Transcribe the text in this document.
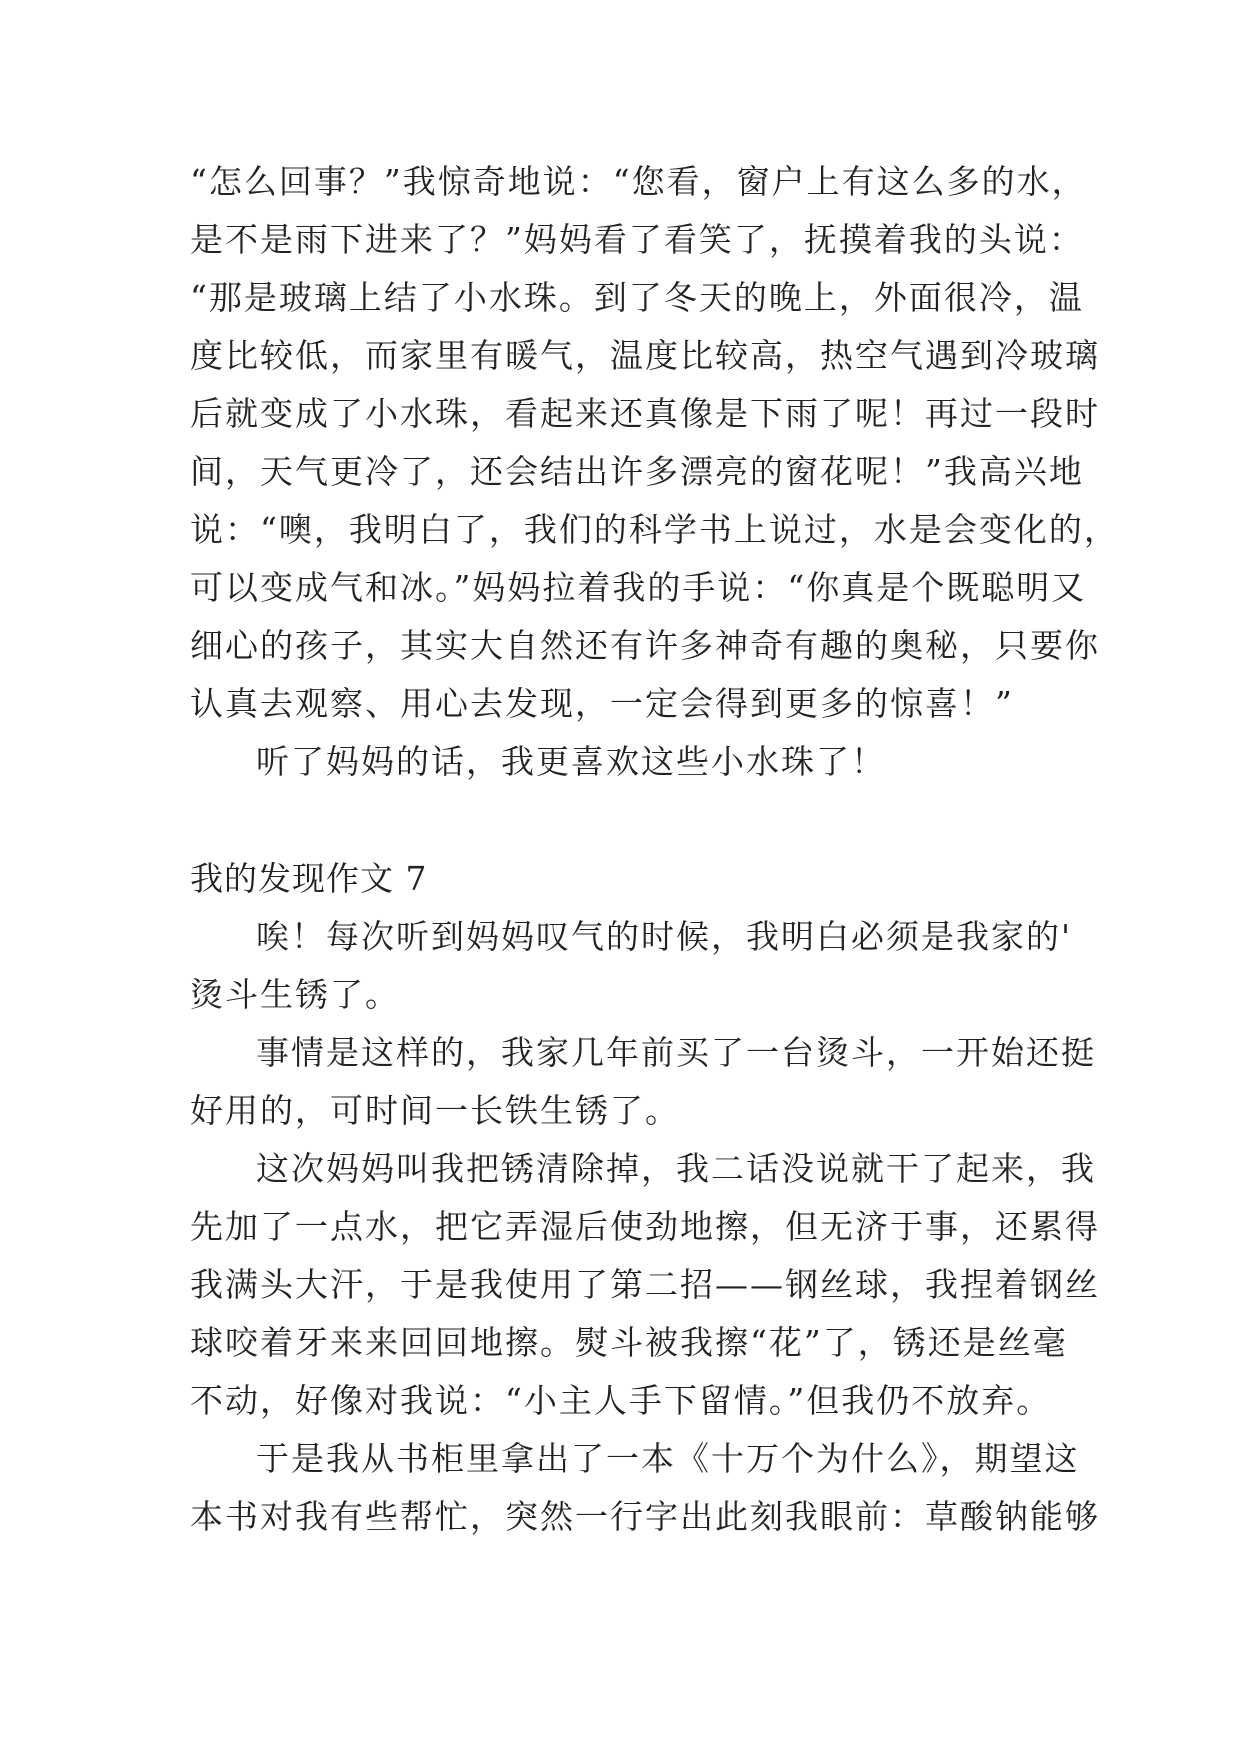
“怎么回事？”我惊奇地说：“您看，窗户上有这么多的水，
是不是雨下进来了？”妈妈看了看笑了，抚摸着我的头说：
“那是玻璃上结了小水珠。到了冬天的晚上，外面很冷，温
度比较低，而家里有暖气，温度比较高，热空气遇到冷玻璃
后就变成了小水珠，看起来还真像是下雨了呢！再过一段时
间，天气更冷了，还会结出许多漂亮的窗花呢！”我高兴地
说：“噢，我明白了，我们的科学书上说过，水是会变化的，
可以变成气和冰。”妈妈拉着我的手说：“你真是个既聪明又
细心的孩子，其实大自然还有许多神奇有趣的奥秘，只要你
认真去观察、用心去发现，一定会得到更多的惊喜！”
听了妈妈的话，我更喜欢这些小水珠了！
我的发现作文 7
唉！每次听到妈妈叹气的时候，我明白必须是我家的'
烫斗生锈了。
事情是这样的，我家几年前买了一台烫斗，一开始还挺
好用的，可时间一长铁生锈了。
这次妈妈叫我把锈清除掉，我二话没说就干了起来，我
先加了一点水，把它弄湿后使劲地擦，但无济于事，还累得
我满头大汗，于是我使用了第二招——钢丝球，我捏着钢丝
球咬着牙来来回回地擦。熨斗被我擦“花”了，锈还是丝毫
不动，好像对我说：“小主人手下留情。”但我仍不放弃。
于是我从书柜里拿出了一本《十万个为什么》，期望这
本书对我有些帮忙，突然一行字出此刻我眼前：草酸钠能够
